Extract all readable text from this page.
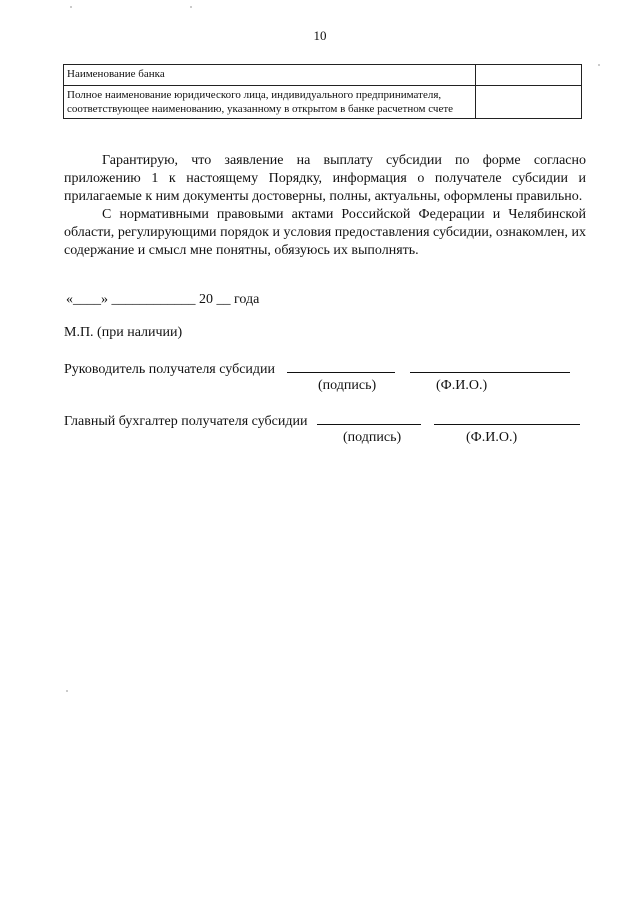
10
Наименование банка	
Полное наименование юридического лица, индивидуального предпринимателя, соответствующее наименованию, указанному в открытом в банке расчетном счете	

Гарантирую, что заявление на выплату субсидии по форме согласно приложению 1 к настоящему Порядку, информация о получателе субсидии и прилагаемые к ним документы достоверны, полны, актуальны, оформлены правильно.

С нормативными правовыми актами Российской Федерации и Челябинской области, регулирующими порядок и условия предоставления субсидии, ознакомлен, их содержание и смысл мне понятны, обязуюсь их выполнять.

«____» ____________ 20 __ года
М.П. (при наличии)
Руководитель получателя субсидии
(подпись)	(Ф.И.О.)
Главный бухгалтер получателя субсидии
(подпись)	(Ф.И.О.)
